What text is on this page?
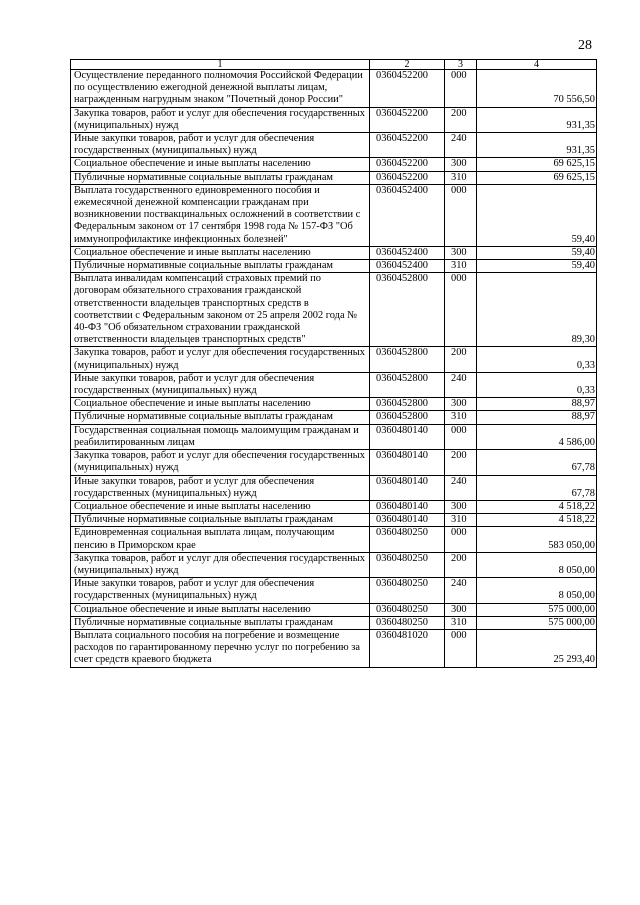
28
1	2	3	4
Осуществление переданного полномочия Российской Федерации по осуществлению ежегодной денежной выплаты лицам, награжденным нагрудным знаком "Почетный донор России"	0360452200	000	70 556,50
Закупка товаров, работ и услуг для обеспечения государственных (муниципальных) нужд	0360452200	200	931,35
Иные закупки товаров, работ и услуг для обеспечения государственных (муниципальных) нужд	0360452200	240	931,35
Социальное обеспечение и иные выплаты населению	0360452200	300	69 625,15
Публичные нормативные социальные выплаты гражданам	0360452200	310	69 625,15
Выплата государственного единовременного пособия и ежемесячной денежной компенсации гражданам при возникновении поствакцинальных осложнений в соответствии с Федеральным законом от 17 сентября 1998 года № 157-ФЗ "Об иммунопрофилактике инфекционных болезней"	0360452400	000	59,40
Социальное обеспечение и иные выплаты населению	0360452400	300	59,40
Публичные нормативные социальные выплаты гражданам	0360452400	310	59,40
Выплата инвалидам компенсаций страховых премий по договорам обязательного страхования гражданской ответственности владельцев транспортных средств в соответствии с Федеральным законом от 25 апреля 2002 года № 40-ФЗ "Об обязательном страховании гражданской ответственности владельцев транспортных средств"	0360452800	000	89,30
Закупка товаров, работ и услуг для обеспечения государственных (муниципальных) нужд	0360452800	200	0,33
Иные закупки товаров, работ и услуг для обеспечения государственных (муниципальных) нужд	0360452800	240	0,33
Социальное обеспечение и иные выплаты населению	0360452800	300	88,97
Публичные нормативные социальные выплаты гражданам	0360452800	310	88,97
Государственная социальная помощь малоимущим гражданам и реабилитированным лицам	0360480140	000	4 586,00
Закупка товаров, работ и услуг для обеспечения государственных (муниципальных) нужд	0360480140	200	67,78
Иные закупки товаров, работ и услуг для обеспечения государственных (муниципальных) нужд	0360480140	240	67,78
Социальное обеспечение и иные выплаты населению	0360480140	300	4 518,22
Публичные нормативные социальные выплаты гражданам	0360480140	310	4 518,22
Единовременная социальная выплата лицам, получающим пенсию в Приморском крае	0360480250	000	583 050,00
Закупка товаров, работ и услуг для обеспечения государственных (муниципальных) нужд	0360480250	200	8 050,00
Иные закупки товаров, работ и услуг для обеспечения государственных (муниципальных) нужд	0360480250	240	8 050,00
Социальное обеспечение и иные выплаты населению	0360480250	300	575 000,00
Публичные нормативные социальные выплаты гражданам	0360480250	310	575 000,00
Выплата социального пособия на погребение и возмещение расходов по гарантированному перечню услуг по погребению за счет средств краевого бюджета	0360481020	000	25 293,40
